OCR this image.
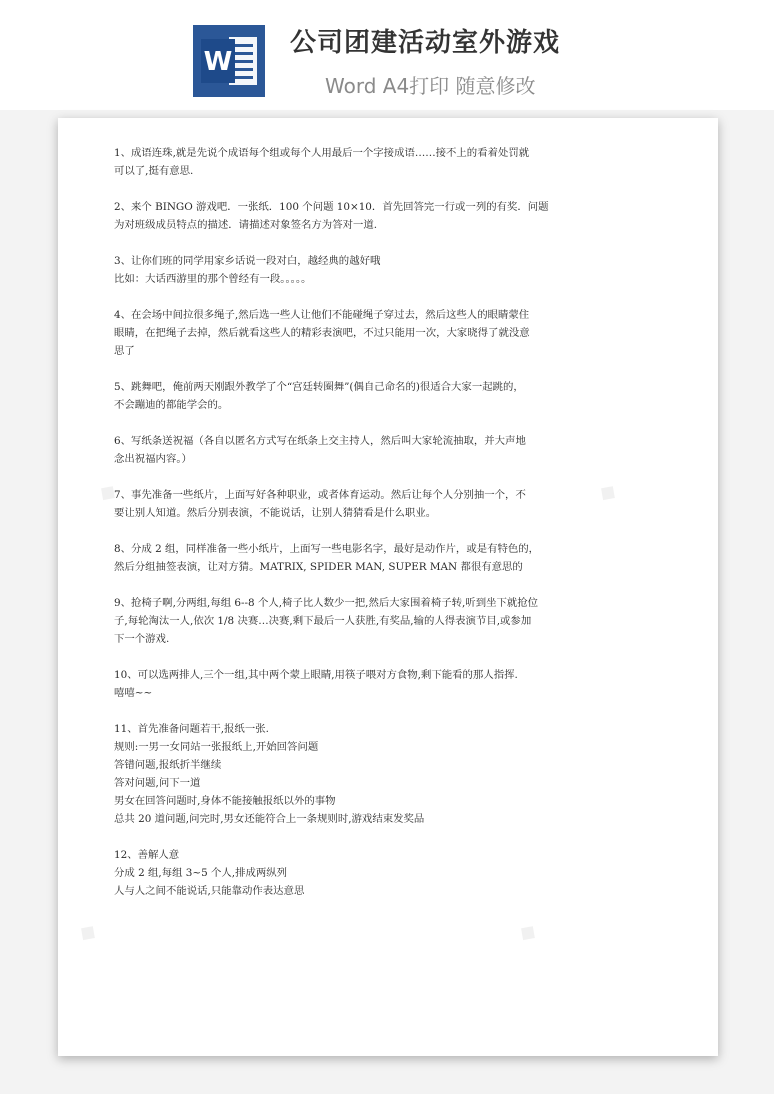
W
公司团建活动室外游戏
Word A4打印 随意修改
1、成语连珠,就是先说个成语每个组或每个人用最后一个字接成语……接不上的看着处罚就
可以了,挺有意思.
2、来个 BINGO 游戏吧．一张纸．100 个问题 10×10．首先回答完一行或一列的有奖．问题
为对班级成员特点的描述．请描述对象签名方为答对一道.
3、让你们班的同学用家乡话说一段对白，越经典的越好哦
比如：大话西游里的那个曾经有一段。。。。。
4、在会场中间拉很多绳子,然后选一些人让他们不能碰绳子穿过去，然后这些人的眼睛蒙住
眼睛，在把绳子去掉，然后就看这些人的精彩表演吧，不过只能用一次，大家晓得了就没意
思了
5、跳舞吧，俺前两天刚跟外教学了个“宫廷转圈舞”(偶自己命名的)很适合大家一起跳的，
不会蹦迪的都能学会的。
6、写纸条送祝福（各自以匿名方式写在纸条上交主持人，然后叫大家轮流抽取，并大声地
念出祝福内容。）
7、事先准备一些纸片，上面写好各种职业，或者体育运动。然后让每个人分别抽一个，不
要让别人知道。然后分别表演，不能说话，让别人猜猜看是什么职业。
8、分成 2 组，同样准备一些小纸片，上面写一些电影名字，最好是动作片，或是有特色的，
然后分组抽签表演，让对方猜。MATRIX, SPIDER MAN, SUPER MAN 都很有意思的
9、抢椅子啊,分两组,每组 6--8 个人,椅子比人数少一把,然后大家围着椅子转,听到坐下就抢位
子,每轮淘汰一人,依次 1/8 决赛…决赛,剩下最后一人获胜,有奖品,输的人得表演节目,或参加
下一个游戏.
10、可以选两排人,三个一组,其中两个蒙上眼睛,用筷子喂对方食物,剩下能看的那人指挥.
嘻嘻~~
11、首先准备问题若干,报纸一张.
规则:一男一女同站一张报纸上,开始回答问题
答错问题,报纸折半继续
答对问题,问下一道
男女在回答问题时,身体不能接触报纸以外的事物
总共 20 道问题,问完时,男女还能符合上一条规则时,游戏结束发奖品
12、善解人意
分成 2 组,每组 3~5 个人,排成两纵列
人与人之间不能说话,只能靠动作表达意思
